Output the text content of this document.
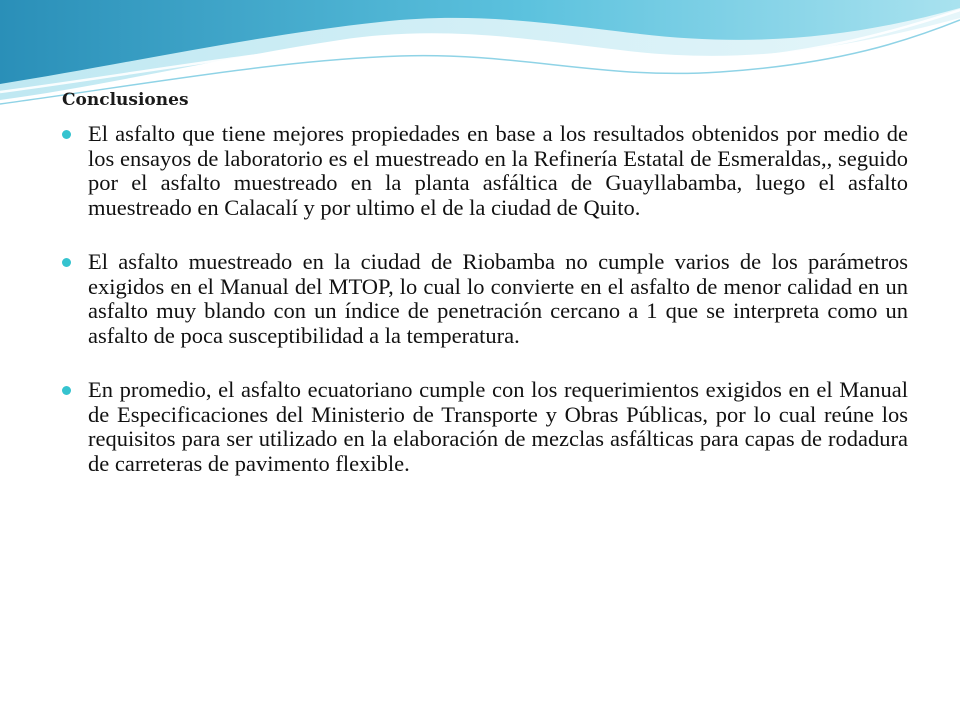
Conclusiones
El asfalto que tiene mejores propiedades en base a los resultados obtenidos por medio de los ensayos de laboratorio es el muestreado en la Refinería Estatal de Esmeraldas,, seguido por el asfalto muestreado en la planta asfáltica de Guayllabamba, luego el asfalto muestreado en Calacalí y por ultimo el de la ciudad de Quito.
El asfalto muestreado en la ciudad de Riobamba no cumple varios de los parámetros exigidos en el Manual del MTOP, lo cual lo convierte en el asfalto de menor calidad en un asfalto muy blando con un índice de penetración cercano a 1 que se interpreta como un asfalto de poca susceptibilidad a la temperatura.
En promedio, el asfalto ecuatoriano cumple con los requerimientos exigidos en el Manual de Especificaciones del Ministerio de Transporte y Obras Públicas, por lo cual reúne los requisitos para ser utilizado en la elaboración de mezclas asfálticas para capas de rodadura de carreteras de pavimento flexible.
